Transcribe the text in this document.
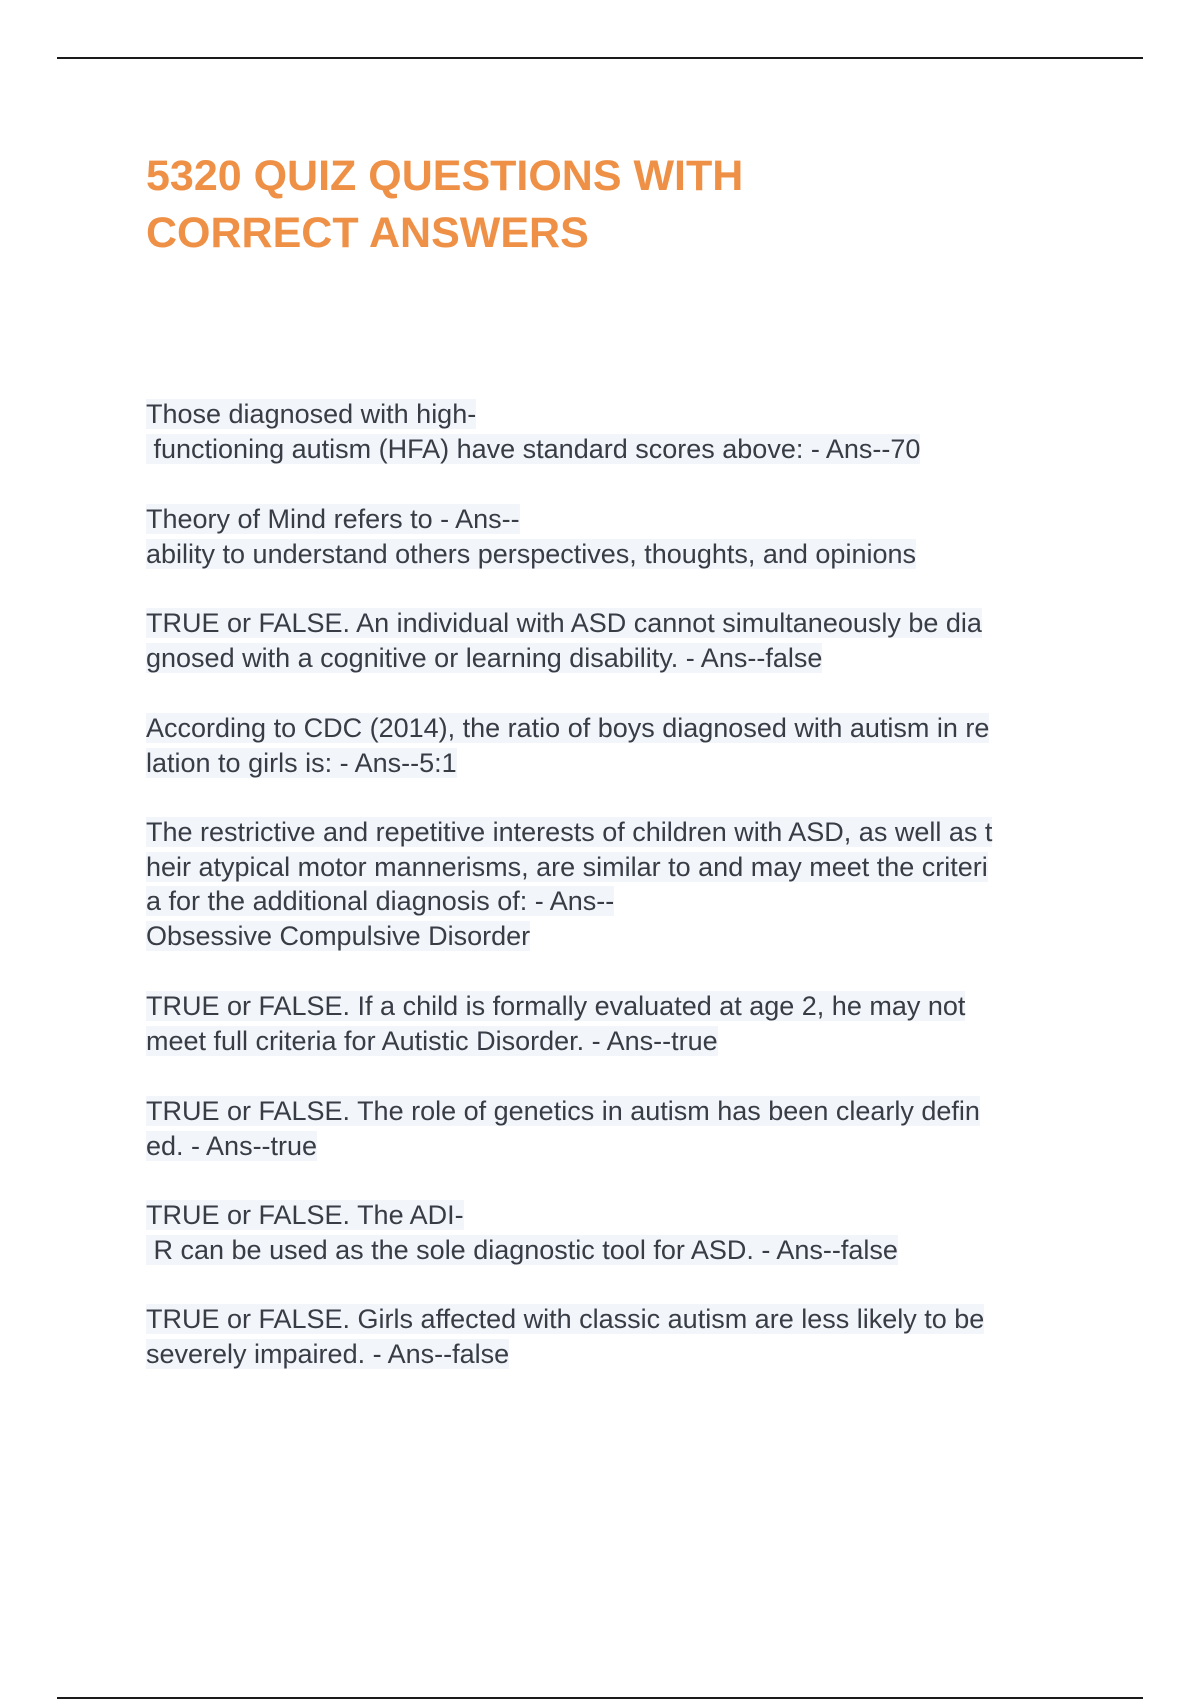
5320 QUIZ QUESTIONS WITH
CORRECT ANSWERS
Those diagnosed with high-
functioning autism (HFA) have standard scores above: - Ans--70
Theory of Mind refers to - Ans--
ability to understand others perspectives, thoughts, and opinions
TRUE or FALSE. An individual with ASD cannot simultaneously be dia
gnosed with a cognitive or learning disability. - Ans--false
According to CDC (2014), the ratio of boys diagnosed with autism in re
lation to girls is: - Ans--5:1
The restrictive and repetitive interests of children with ASD, as well as t
heir atypical motor mannerisms, are similar to and may meet the criteri
a for the additional diagnosis of: - Ans--
Obsessive Compulsive Disorder
TRUE or FALSE. If a child is formally evaluated at age 2, he may not
meet full criteria for Autistic Disorder. - Ans--true
TRUE or FALSE. The role of genetics in autism has been clearly defin
ed. - Ans--true
TRUE or FALSE. The ADI-
R can be used as the sole diagnostic tool for ASD. - Ans--false
TRUE or FALSE. Girls affected with classic autism are less likely to be
severely impaired. - Ans--false
